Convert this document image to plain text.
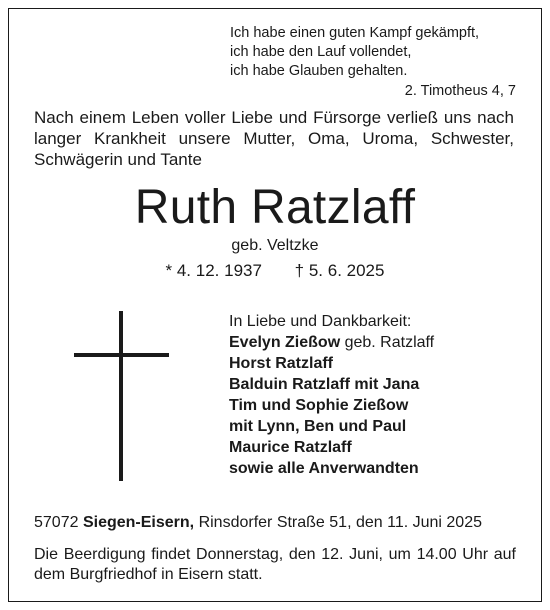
Ich habe einen guten Kampf gekämpft,
ich habe den Lauf vollendet,
ich habe Glauben gehalten.
2. Timotheus 4, 7
Nach einem Leben voller Liebe und Fürsorge verließ uns nach langer Krankheit unsere Mutter, Oma, Uroma, Schwester, Schwägerin und Tante
Ruth Ratzlaff
geb. Veltzke
* 4. 12. 1937 † 5. 6. 2025
In Liebe und Dankbarkeit:
Evelyn Zießow geb. Ratzlaff
Horst Ratzlaff
Balduin Ratzlaff mit Jana
Tim und Sophie Zießow
mit Lynn, Ben und Paul
Maurice Ratzlaff
sowie alle Anverwandten
57072 Siegen-Eisern, Rinsdorfer Straße 51, den 11. Juni 2025
Die Beerdigung findet Donnerstag, den 12. Juni, um 14.00 Uhr auf dem Burgfriedhof in Eisern statt.
